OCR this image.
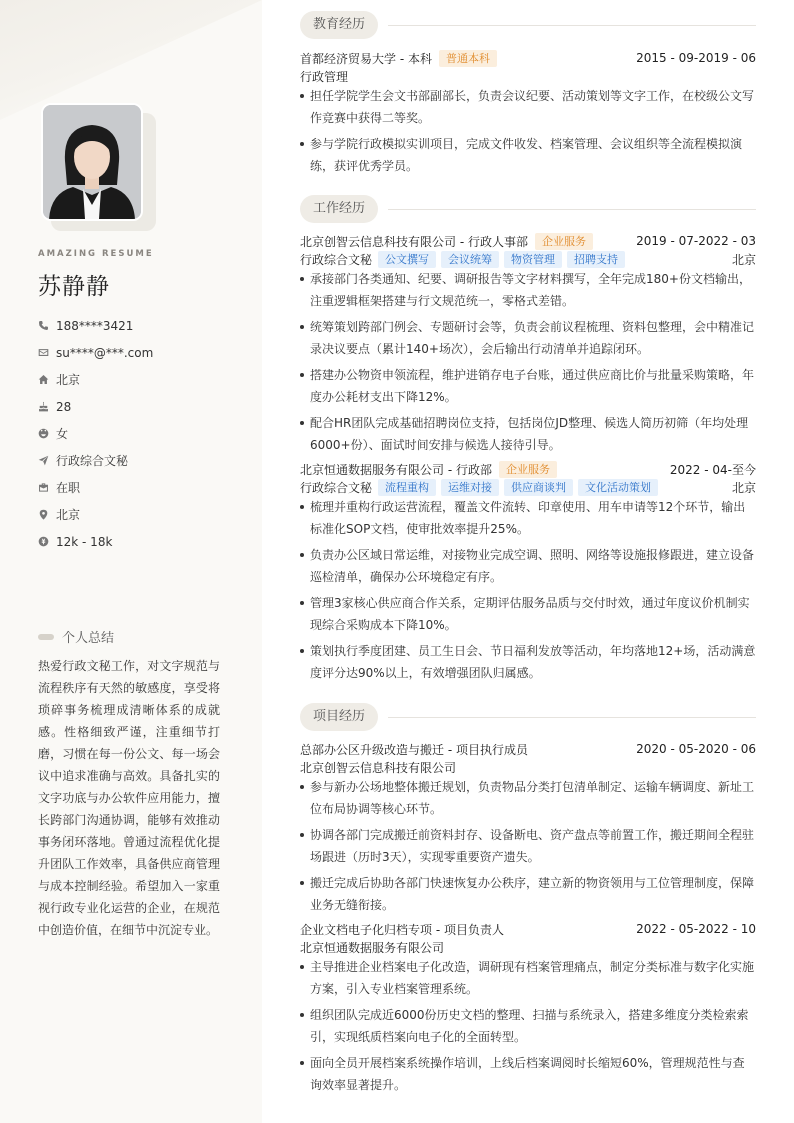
AMAZING RESUME
苏静静
188****3421
su****@***.com
北京
28
女
行政综合文秘
在职
北京
12k - 18k
个人总结
热爱行政文秘工作，对文字规范与流程秩序有天然的敏感度，享受将琐碎事务梳理成清晰体系的成就感。性格细致严谨，注重细节打磨，习惯在每一份公文、每一场会议中追求准确与高效。具备扎实的文字功底与办公软件应用能力，擅长跨部门沟通协调，能够有效推动事务闭环落地。曾通过流程优化提升团队工作效率，具备供应商管理与成本控制经验。希望加入一家重视行政专业化运营的企业，在规范中创造价值，在细节中沉淀专业。
教育经历
首都经济贸易大学 - 本科	普通本科	2015 - 09-2019 - 06
行政管理
担任学院学生会文书部副部长，负责会议纪要、活动策划等文字工作，在校级公文写作竞赛中获得二等奖。
参与学院行政模拟实训项目，完成文件收发、档案管理、会议组织等全流程模拟演练，获评优秀学员。
工作经历
北京创智云信息科技有限公司 - 行政人事部	企业服务	2019 - 07-2022 - 03
行政综合文秘	公文撰写	会议统筹	物资管理	招聘支持	北京
承接部门各类通知、纪要、调研报告等文字材料撰写，全年完成180+份文档输出，注重逻辑框架搭建与行文规范统一，零格式差错。
统筹策划跨部门例会、专题研讨会等，负责会前议程梳理、资料包整理，会中精准记录决议要点（累计140+场次），会后输出行动清单并追踪闭环。
搭建办公物资申领流程，维护进销存电子台账，通过供应商比价与批量采购策略，年度办公耗材支出下降12%。
配合HR团队完成基础招聘岗位支持，包括岗位JD整理、候选人简历初筛（年均处理6000+份）、面试时间安排与候选人接待引导。
北京恒通数据服务有限公司 - 行政部	企业服务	2022 - 04-至今
行政综合文秘	流程重构	运维对接	供应商谈判	文化活动策划	北京
梳理并重构行政运营流程，覆盖文件流转、印章使用、用车申请等12个环节，输出标准化SOP文档，使审批效率提升25%。
负责办公区域日常运维，对接物业完成空调、照明、网络等设施报修跟进，建立设备巡检清单，确保办公环境稳定有序。
管理3家核心供应商合作关系，定期评估服务品质与交付时效，通过年度议价机制实现综合采购成本下降10%。
策划执行季度团建、员工生日会、节日福利发放等活动，年均落地12+场，活动满意度评分达90%以上，有效增强团队归属感。
项目经历
总部办公区升级改造与搬迁 - 项目执行成员	2020 - 05-2020 - 06
北京创智云信息科技有限公司
参与新办公场地整体搬迁规划，负责物品分类打包清单制定、运输车辆调度、新址工位布局协调等核心环节。
协调各部门完成搬迁前资料封存、设备断电、资产盘点等前置工作，搬迁期间全程驻场跟进（历时3天），实现零重要资产遗失。
搬迁完成后协助各部门快速恢复办公秩序，建立新的物资领用与工位管理制度，保障业务无缝衔接。
企业文档电子化归档专项 - 项目负责人	2022 - 05-2022 - 10
北京恒通数据服务有限公司
主导推进企业档案电子化改造，调研现有档案管理痛点，制定分类标准与数字化实施方案，引入专业档案管理系统。
组织团队完成近6000份历史文档的整理、扫描与系统录入，搭建多维度分类检索索引，实现纸质档案向电子化的全面转型。
面向全员开展档案系统操作培训，上线后档案调阅时长缩短60%，管理规范性与查询效率显著提升。
